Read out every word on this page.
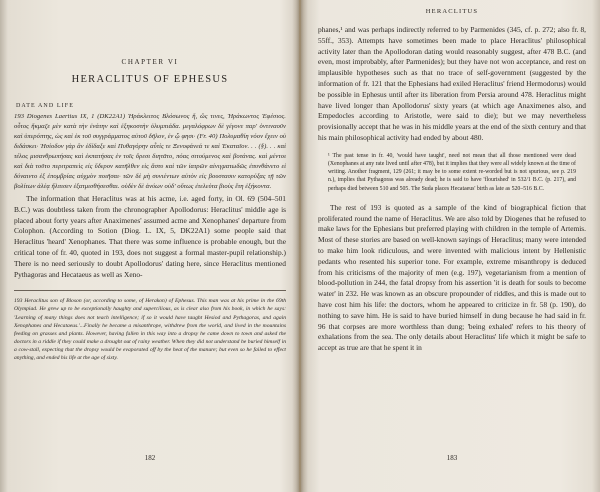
CHAPTER VI
HERACLITUS OF EPHESUS
DATE AND LIFE

193 Diogenes Laertius IX, 1 (DK22A1) Ἡράκλειτος Βλόσωνος ἤ, ὥς τινες, Ἡράκωντος Ἐφέσιος. οὗτος ἤκμαζε μὲν κατὰ τὴν ἐνάτην καὶ ἑξηκοστὴν ὀλυμπιάδα. μεγαλόφρων δὲ γέγονε παρ' ὁντιναοῦν καὶ ὑπερόπτης, ὡς καὶ ἐκ τοῦ συγγράμματος αὐτοῦ δῆλον, ἐν ᾧ φησι· (Fr. 40) Πολυμαθίη νόον ἔχειν οὐ διδάσκει· Ἡσίοδον γὰρ ἂν ἐδίδαξε καὶ Πυθαγόρην αὖτίς τε Ξενοφάνεά τε καὶ Ἑκαταῖον. . . (§). . . καὶ τέλος μισανθρωπήσας καὶ ἐκπατήσας ἐν τοῖς ὄρεσι διητᾶτο, πόας σιτούμενος καὶ βοτάνας. καὶ μέντοι καὶ διὰ τοῦτο περιτραπεὶς εἰς ὕδερον κατῆλθεν εἰς ἄστυ καὶ τῶν ἰατρῶν αἰνιγματωδῶς ἐπυνθάνετο εἰ δύναιντο ἐξ ἐπομβρίας αὐχμὸν ποιῆσαι· τῶν δὲ μὴ συνιέντων αὑτὸν εἰς βουστασιν κατορύξας τῇ τῶν βολίτων ἀλέᾳ ἤλπισεν ἐξατμισθήσεσθαι. οὐδὲν δὲ ἀνύων οὐδ' οὕτως ἐτελεύτα βιοὺς ἔτη ἑξήκοντα.

The information that Heraclitus was at his acme, i.e. aged forty, in Ol. 69 (504–501 B.C.) was doubtless taken from the chronographer Apollodorus: Heraclitus' middle age is placed about forty years after Anaximenes' assumed acme and Xenophanes' departure from Colophon. (According to Sotion (Diog. L. IX, 5, DK22A1) some people said that Heraclitus 'heard' Xenophanes. That there was some influence is probable enough, but the critical tone of fr. 40, quoted in 193, does not suggest a formal master-pupil relationship.) There is no need seriously to doubt Apollodorus' dating here, since Heraclitus mentioned Pythagoras and Hecataeus as well as Xeno-

193 Heraclitus son of Bloson (or, according to some, of Herakon) of Ephesus. This man was at his prime in the 69th Olympiad. He grew up to be exceptionally haughty and supercilious, as is clear also from his book, in which he says: 'Learning of many things does not teach intelligence; if so it would have taught Hesiod and Pythagoras, and again Xenophanes and Hecataeus.'...Finally he became a misanthrope, withdrew from the world, and lived in the mountains feeding on grasses and plants. However, having fallen in this way into a dropsy he came down to town and asked the doctors in a riddle if they could make a drought out of rainy weather. When they did not understand he buried himself in a cow-stall, expecting that the dropsy would be evaporated off by the heat of the manure; but even so he failed to effect anything, and ended his life at the age of sixty.

182
HERACLITUS

phanes,¹ and was perhaps indirectly referred to by Parmenides (345, cf. p. 272; also fr. 8, 55ff., 353). Attempts have sometimes been made to place Heraclitus' philosophical activity later than the Apollodoran dating would reasonably suggest, after 478 B.C. (and even, most improbably, after Parmenides); but they have not won acceptance, and rest on implausible hypotheses such as that no trace of self-government (suggested by the information of fr. 121 that the Ephesians had exiled Heraclitus' friend Hermodorus) would be possible in Ephesus until after its liberation from Persia around 478. Heraclitus might have lived longer than Apollodorus' sixty years (at which age Anaximenes also, and Empedocles according to Aristotle, were said to die); but we may nevertheless provisionally accept that he was in his middle years at the end of the sixth century and that his main philosophical activity had ended by about 480.

¹ The past tense in fr. 40, 'would have taught', need not mean that all those mentioned were dead (Xenophanes at any rate lived until after 478), but it implies that they were all widely known at the time of writing. Another fragment, 129 (261; it may be to some extent re-worded but is not spurious, see p. 219 n.), implies that Pythagoras was already dead; he is said to have 'flourished' in 532/1 B.C. (p. 217), and perhaps died between 510 and 505. The Suda places Hecataeus' birth as late as 520–516 B.C.

The rest of 193 is quoted as a sample of the kind of biographical fiction that proliferated round the name of Heraclitus. We are also told by Diogenes that he refused to make laws for the Ephesians but preferred playing with children in the temple of Artemis. Most of these stories are based on well-known sayings of Heraclitus; many were intended to make him look ridiculous, and were invented with malicious intent by Hellenistic pedants who resented his superior tone. For example, extreme misanthropy is deduced from his criticisms of the majority of men (e.g. 197), vegetarianism from a mention of blood-pollution in 244, the fatal dropsy from his assertion 'it is death for souls to become water' in 232. He was known as an obscure propounder of riddles, and this is made out to have cost him his life: the doctors, whom he appeared to criticize in fr. 58 (p. 190), do nothing to save him. He is said to have buried himself in dung because he had said in fr. 96 that corpses are more worthless than dung; 'being exhaled' refers to his theory of exhalations from the sea. The only details about Heraclitus' life which it might be safe to accept as true are that he spent it in

183
